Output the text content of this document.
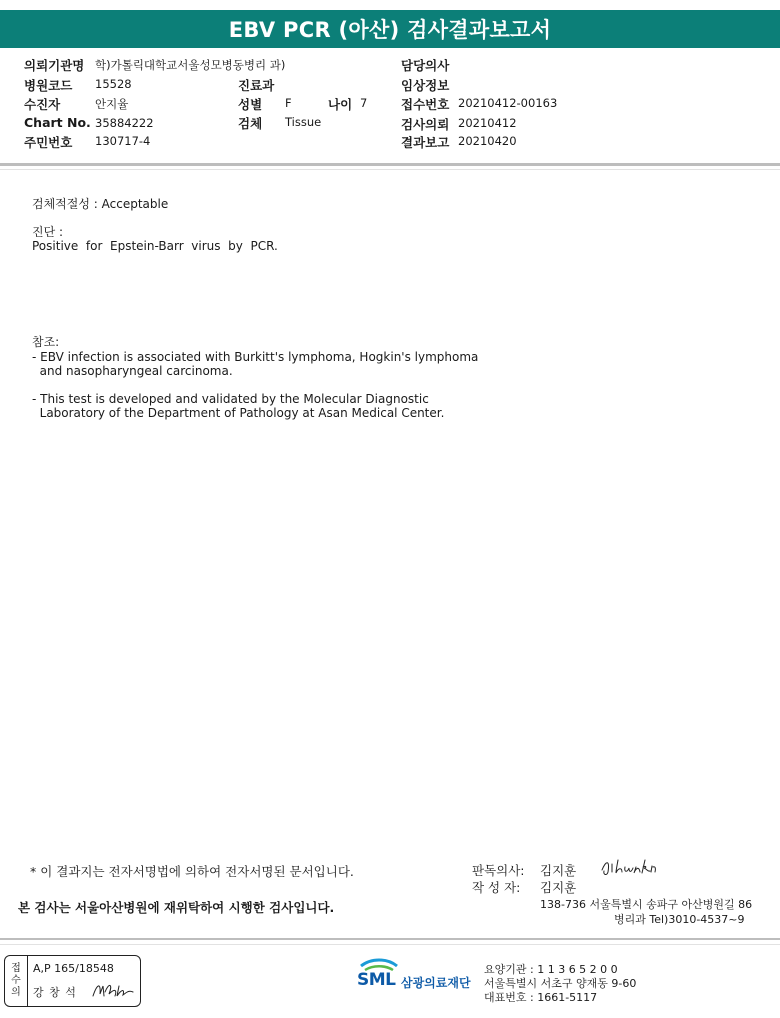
EBV PCR (아산) 검사결과보고서
의뢰기관명 학)가톨릭대학교서울성모병동병리 과)
병원코드 15528
수진자	안지율
Chart No. 35884222
주민번호 130717-4
진료과
성별 F	나이 7
검체 Tissue
담당의사
임상정보
접수번호 20210412-00163
검사의뢰 20210412
결과보고 20210420
검체적절성 : Acceptable
진단 :
Positive  for  Epstein-Barr  virus  by  PCR.
참조:
- EBV infection is associated with Burkitt's lymphoma, Hogkin's lymphoma
and nasopharyngeal carcinoma.
- This test is developed and validated by the Molecular Diagnostic
Laboratory of the Department of Pathology at Asan Medical Center.
* 이 결과지는 전자서명법에 의하여 전자서명된 문서입니다.
본 검사는 서울아산병원에 재위탁하여 시행한 검사입니다.
판독의사: 김지훈
작 성 자: 김지훈
138-736 서울특별시 송파구 아산병원길 86
병리과 Tel)3010-4537~9
접
수
의
A,P 165/18548
강 창 석
SML 삼광의료재단
요양기관 : 1 1 3 6 5 2 0 0
서울특별시 서초구 양재동 9-60
대표번호 : 1661-5117
